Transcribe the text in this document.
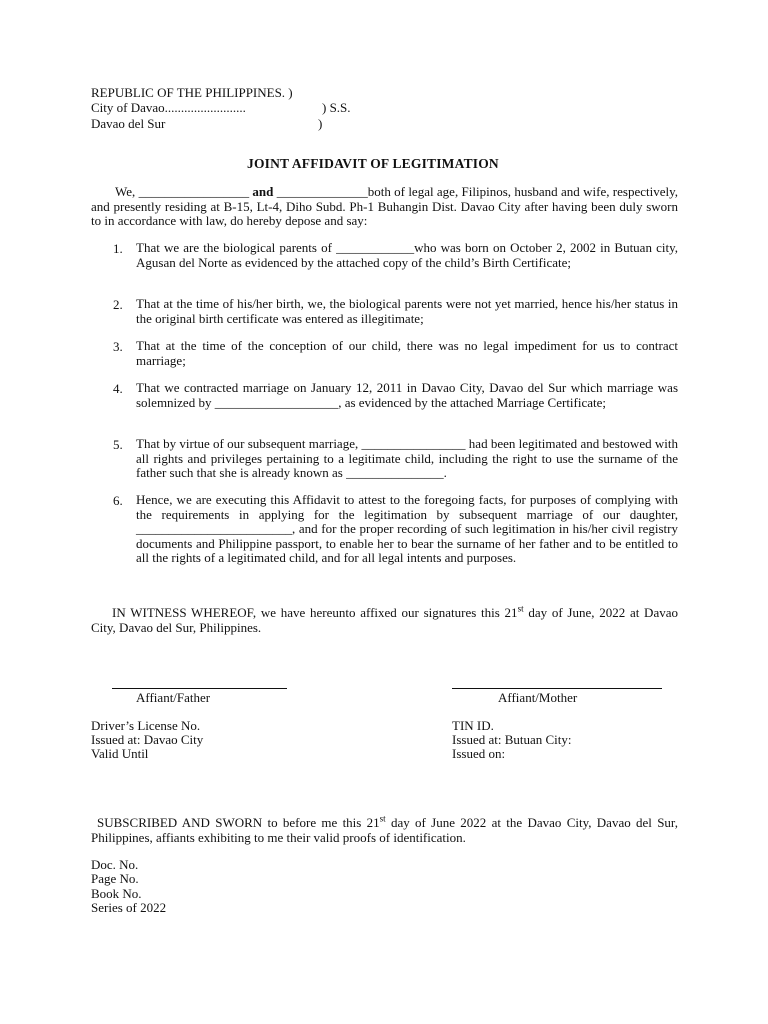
REPUBLIC OF THE PHILIPPINES. )
City of Davao.........................	) S.S.
Davao del Sur	)
JOINT AFFIDAVIT OF LEGITIMATION
We, _________________ and ______________both of legal age, Filipinos, husband and wife, respectively, and presently residing at B-15, Lt-4, Diho Subd. Ph-1 Buhangin Dist. Davao City after having been duly sworn to in accordance with law, do hereby depose and say:
1. That we are the biological parents of ____________who was born on October 2, 2002 in Butuan city, Agusan del Norte as evidenced by the attached copy of the child’s Birth Certificate;
2. That at the time of his/her birth, we, the biological parents were not yet married, hence his/her status in the original birth certificate was entered as illegitimate;
3. That at the time of the conception of our child, there was no legal impediment for us to contract marriage;
4. That we contracted marriage on January 12, 2011 in Davao City, Davao del Sur which marriage was solemnized by ___________________, as evidenced by the attached Marriage Certificate;
5. That by virtue of our subsequent marriage, ________________ had been legitimated and bestowed with all rights and privileges pertaining to a legitimate child, including the right to use the surname of the father such that she is already known as _______________.
6. Hence, we are executing this Affidavit to attest to the foregoing facts, for purposes of complying with the requirements in applying for the legitimation by subsequent marriage of our daughter, ________________________, and for the proper recording of such legitimation in his/her civil registry documents and Philippine passport, to enable her to bear the surname of her father and to be entitled to all the rights of a legitimated child, and for all legal intents and purposes.
IN WITNESS WHEREOF, we have hereunto affixed our signatures this 21st day of June, 2022 at Davao City, Davao del Sur, Philippines.
Affiant/Father	Affiant/Mother
Driver’s License No.
Issued at: Davao City
Valid Until
TIN ID.
Issued at: Butuan City:
Issued on:
SUBSCRIBED AND SWORN to before me this 21st day of June 2022 at the Davao City, Davao del Sur, Philippines, affiants exhibiting to me their valid proofs of identification.
Doc. No.
Page No.
Book No.
Series of 2022
